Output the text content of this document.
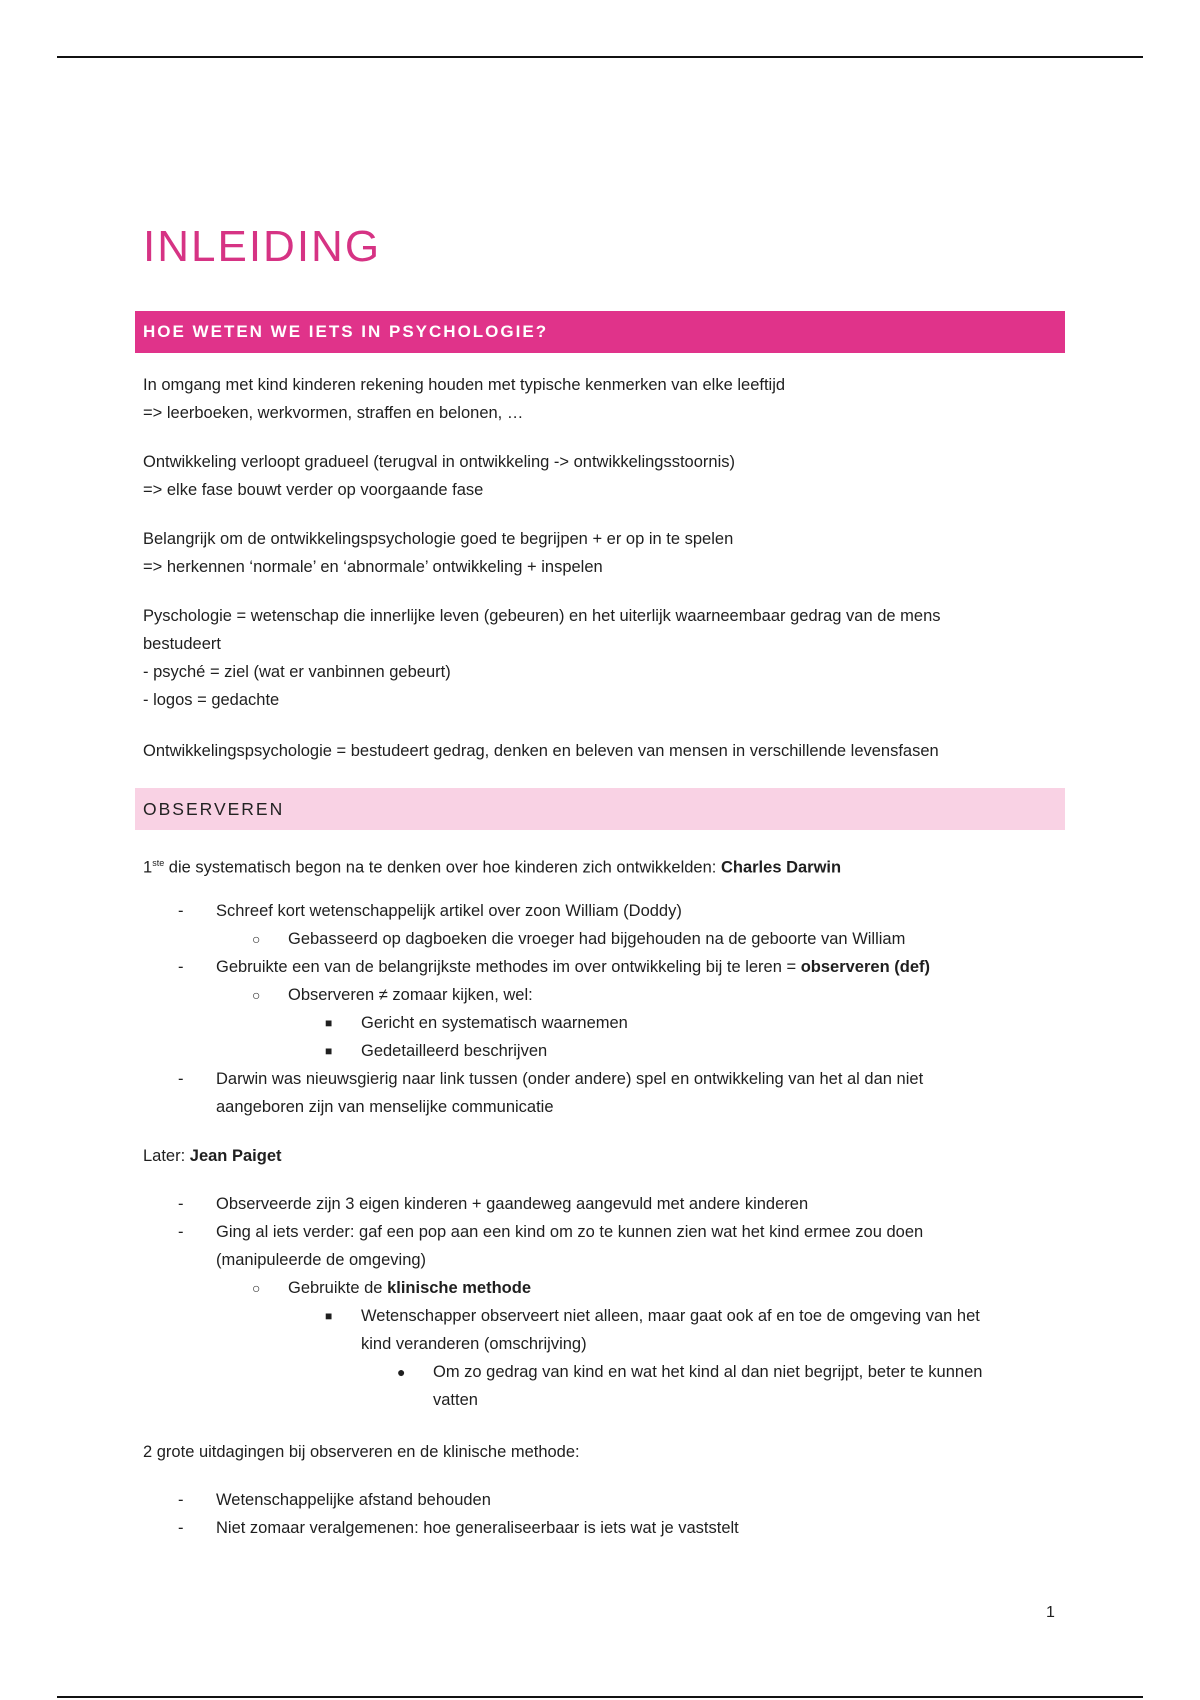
INLEIDING
HOE WETEN WE IETS IN PSYCHOLOGIE?
In omgang met kind kinderen rekening houden met typische kenmerken van elke leeftijd
=> leerboeken, werkvormen, straffen en belonen, …
Ontwikkeling verloopt gradueel (terugval in ontwikkeling -> ontwikkelingsstoornis)
=> elke fase bouwt verder op voorgaande fase
Belangrijk om de ontwikkelingspsychologie goed te begrijpen + er op in te spelen
=> herkennen ‘normale’ en ‘abnormale’ ontwikkeling + inspelen
Pyschologie = wetenschap die innerlijke leven (gebeuren) en het uiterlijk waarneembaar gedrag van de mens
bestudeert
- psyché = ziel (wat er vanbinnen gebeurt)
- logos = gedachte
Ontwikkelingspsychologie = bestudeert gedrag, denken en beleven van mensen in verschillende levensfasen
OBSERVEREN
1ste die systematisch begon na te denken over hoe kinderen zich ontwikkelden: Charles Darwin
- Schreef kort wetenschappelijk artikel over zoon William (Doddy)
○ Gebasseerd op dagboeken die vroeger had bijgehouden na de geboorte van William
- Gebruikte een van de belangrijkste methodes im over ontwikkeling bij te leren = observeren (def)
○ Observeren ≠ zomaar kijken, wel:
■ Gericht en systematisch waarnemen
■ Gedetailleerd beschrijven
- Darwin was nieuwsgierig naar link tussen (onder andere) spel en ontwikkeling van het al dan niet
aangeboren zijn van menselijke communicatie
Later: Jean Paiget
- Observeerde zijn 3 eigen kinderen + gaandeweg aangevuld met andere kinderen
- Ging al iets verder: gaf een pop aan een kind om zo te kunnen zien wat het kind ermee zou doen
(manipuleerde de omgeving)
○ Gebruikte de klinische methode
■ Wetenschapper observeert niet alleen, maar gaat ook af en toe de omgeving van het
kind veranderen (omschrijving)
● Om zo gedrag van kind en wat het kind al dan niet begrijpt, beter te kunnen
vatten
2 grote uitdagingen bij observeren en de klinische methode:
- Wetenschappelijke afstand behouden
- Niet zomaar veralgemenen: hoe generaliseerbaar is iets wat je vaststelt
1
